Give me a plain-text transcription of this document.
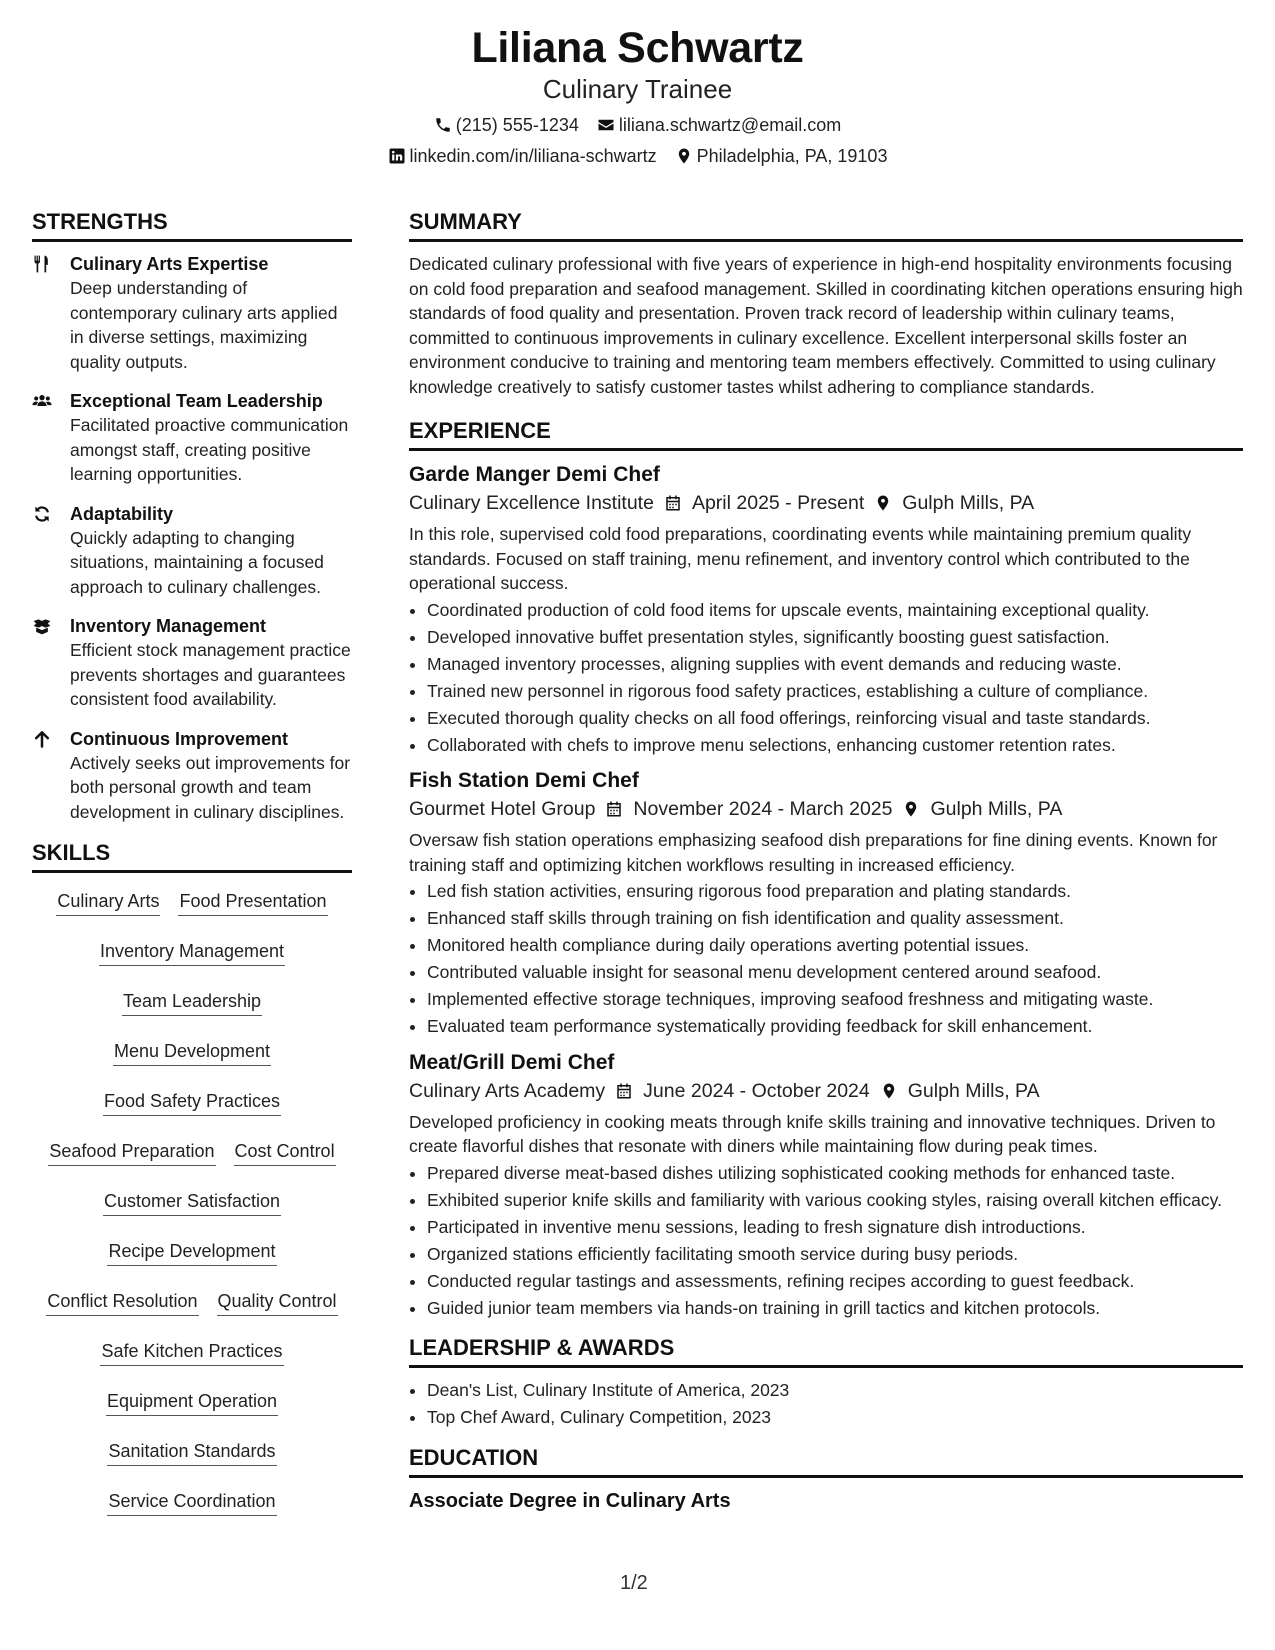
Liliana Schwartz
Culinary Trainee
(215) 555-1234 liliana.schwartz@email.com
linkedin.com/in/liliana-schwartz Philadelphia, PA, 19103
STRENGTHS
Culinary Arts Expertise
Deep understanding of contemporary culinary arts applied in diverse settings, maximizing quality outputs.
Exceptional Team Leadership
Facilitated proactive communication amongst staff, creating positive learning opportunities.
Adaptability
Quickly adapting to changing situations, maintaining a focused approach to culinary challenges.
Inventory Management
Efficient stock management practice prevents shortages and guarantees consistent food availability.
Continuous Improvement
Actively seeks out improvements for both personal growth and team development in culinary disciplines.
SKILLS
Culinary Arts Food Presentation
Inventory Management
Team Leadership
Menu Development
Food Safety Practices
Seafood Preparation Cost Control
Customer Satisfaction
Recipe Development
Conflict Resolution Quality Control
Safe Kitchen Practices
Equipment Operation
Sanitation Standards
Service Coordination
SUMMARY
Dedicated culinary professional with five years of experience in high-end hospitality environments focusing on cold food preparation and seafood management. Skilled in coordinating kitchen operations ensuring high standards of food quality and presentation. Proven track record of leadership within culinary teams, committed to continuous improvements in culinary excellence. Excellent interpersonal skills foster an environment conducive to training and mentoring team members effectively. Committed to using culinary knowledge creatively to satisfy customer tastes whilst adhering to compliance standards.
EXPERIENCE
Garde Manger Demi Chef
Culinary Excellence Institute April 2025 - Present Gulph Mills, PA
In this role, supervised cold food preparations, coordinating events while maintaining premium quality standards. Focused on staff training, menu refinement, and inventory control which contributed to the operational success.
• Coordinated production of cold food items for upscale events, maintaining exceptional quality.
• Developed innovative buffet presentation styles, significantly boosting guest satisfaction.
• Managed inventory processes, aligning supplies with event demands and reducing waste.
• Trained new personnel in rigorous food safety practices, establishing a culture of compliance.
• Executed thorough quality checks on all food offerings, reinforcing visual and taste standards.
• Collaborated with chefs to improve menu selections, enhancing customer retention rates.
Fish Station Demi Chef
Gourmet Hotel Group November 2024 - March 2025 Gulph Mills, PA
Oversaw fish station operations emphasizing seafood dish preparations for fine dining events. Known for training staff and optimizing kitchen workflows resulting in increased efficiency.
• Led fish station activities, ensuring rigorous food preparation and plating standards.
• Enhanced staff skills through training on fish identification and quality assessment.
• Monitored health compliance during daily operations averting potential issues.
• Contributed valuable insight for seasonal menu development centered around seafood.
• Implemented effective storage techniques, improving seafood freshness and mitigating waste.
• Evaluated team performance systematically providing feedback for skill enhancement.
Meat/Grill Demi Chef
Culinary Arts Academy June 2024 - October 2024 Gulph Mills, PA
Developed proficiency in cooking meats through knife skills training and innovative techniques. Driven to create flavorful dishes that resonate with diners while maintaining flow during peak times.
• Prepared diverse meat-based dishes utilizing sophisticated cooking methods for enhanced taste.
• Exhibited superior knife skills and familiarity with various cooking styles, raising overall kitchen efficacy.
• Participated in inventive menu sessions, leading to fresh signature dish introductions.
• Organized stations efficiently facilitating smooth service during busy periods.
• Conducted regular tastings and assessments, refining recipes according to guest feedback.
• Guided junior team members via hands-on training in grill tactics and kitchen protocols.
LEADERSHIP & AWARDS
• Dean's List, Culinary Institute of America, 2023
• Top Chef Award, Culinary Competition, 2023
EDUCATION
Associate Degree in Culinary Arts
1/2
